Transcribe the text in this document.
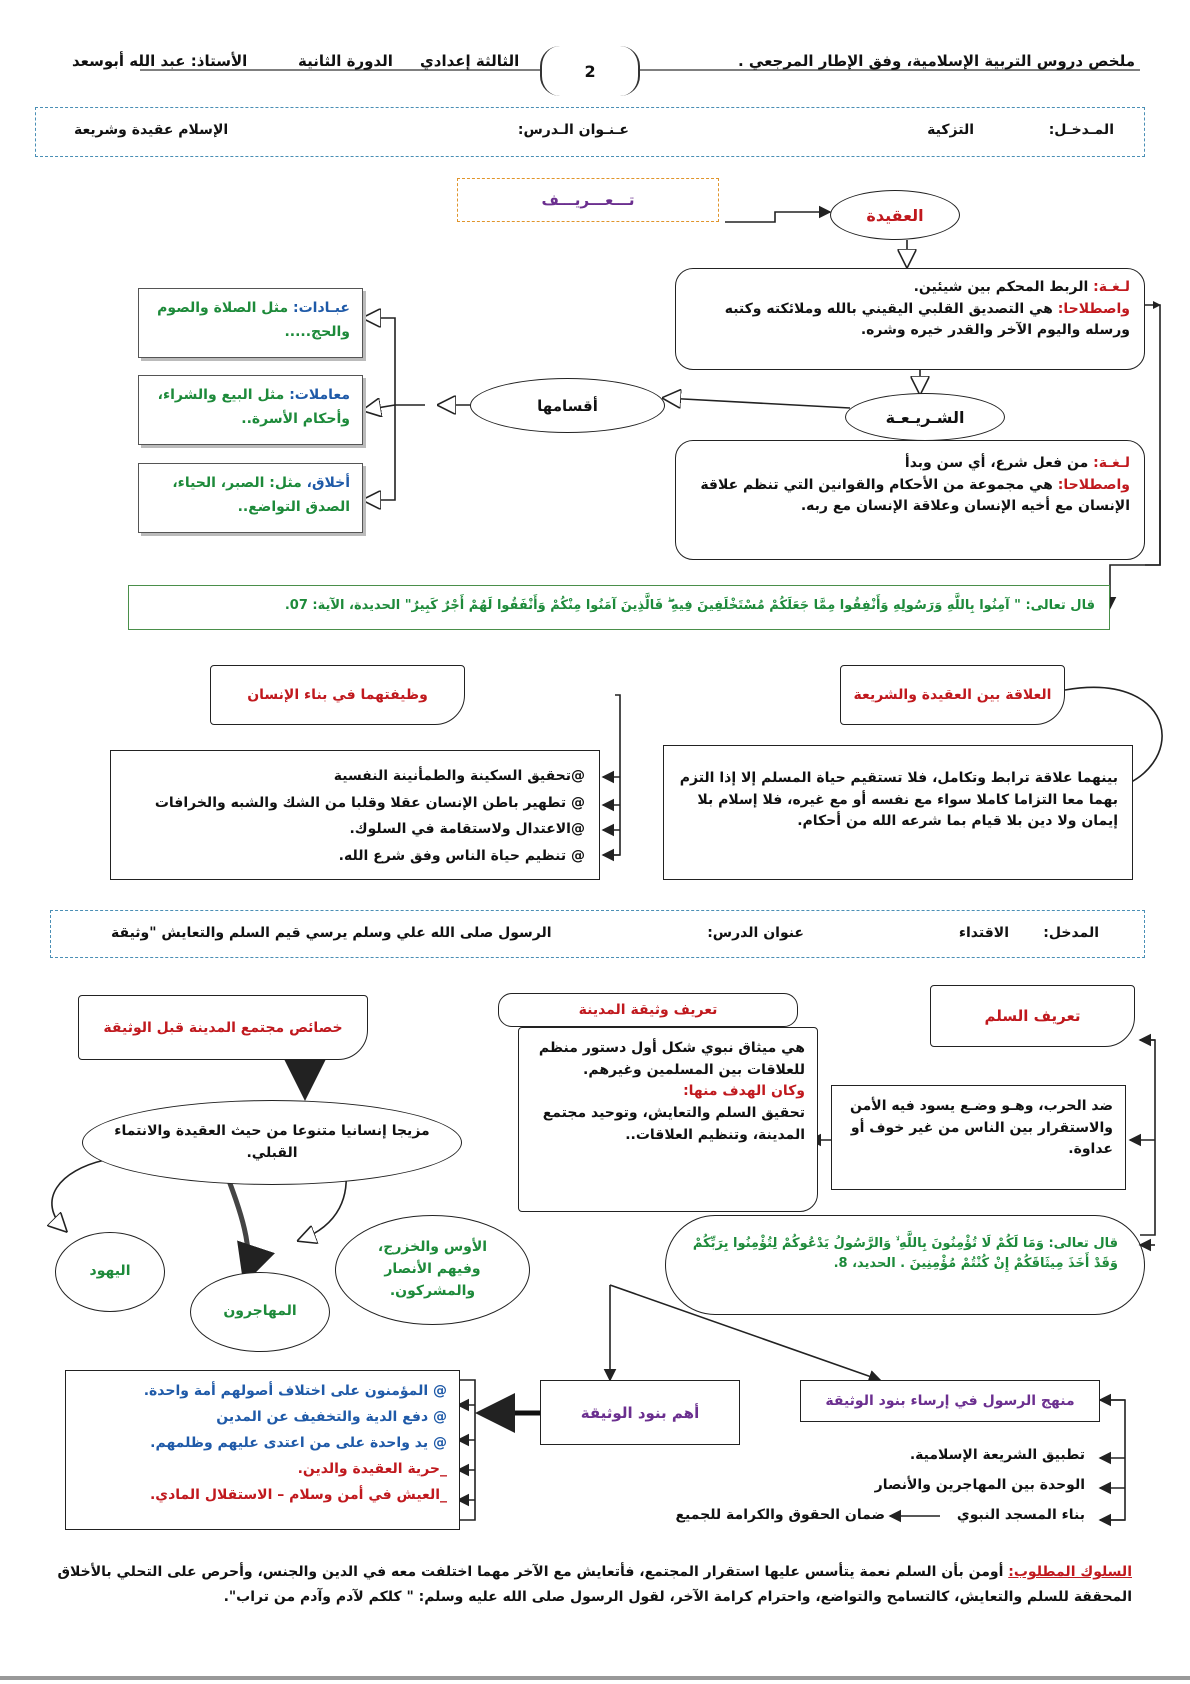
ملخص دروس التربية الإسلامية، وفق الإطار المرجعي .
2
الثالثة إعدادي
الدورة الثانية
الأستاذ: عبد الله أبوسعد
المـدخـل:
التزكية
عـنـوان الـدرس:
الإسلام عقيدة وشريعة
تـــعـــريـــف
العقيدة
لـغـة: الربط المحكم بين شيئين.
واصطلاحا: هي التصديق القلبي اليقيني بالله وملائكته وكتبه ورسله واليوم الآخر والقدر خيره وشره.
الشـريـعـة
لـغـة: من فعل شرع، أي سن وبدأ
واصطلاحا: هي مجموعة من الأحكام والقوانين التي تنظم علاقة الإنسان مع أخيه الإنسان وعلاقة الإنسان مع ربه.
أقسامها
عبـادات: مثل الصلاة والصوم والحج.....
معاملات: مثل البيع والشراء، وأحكام الأسرة..
أخلاق، مثل: الصبر، الحياء، الصدق التواضع..
قال تعالى: " آمِنُوا بِاللَّهِ وَرَسُولِهِ وَأَنْفِقُوا مِمَّا جَعَلَكُمْ مُسْتَخْلَفِينَ فِيهِ ۖ فَالَّذِينَ آمَنُوا مِنْكُمْ وَأَنْفَقُوا لَهُمْ أَجْرٌ كَبِيرٌ" الحديدة، الآية: 07.
العلاقة بين العقيدة والشريعة
بينهما علاقة ترابط وتكامل، فلا تستقيم حياة المسلم إلا إذا التزم بهما معا التزاما كاملا سواء مع نفسه أو مع غيره، فلا إسلام بلا إيمان ولا دين بلا قيام بما شرعه الله من أحكام.
وظيفتهما في بناء الإنسان
@تحقيق السكينة والطمأنينة النفسية
@ تطهير باطن الإنسان عقلا وقلبا من الشك والشبه والخرافات
@الاعتدال ولاستقامة في السلوك.
@ تنظيم حياة الناس وفق شرع الله.
المدخل:
الاقتداء
عنوان الدرس:
الرسول صلى الله علي وسلم يرسي قيم السلم والتعايش "وثيقة
تعريف السلم
ضد الحرب، وهـو وضـع يسود فيه الأمن والاستقرار بين الناس من غير خوف أو عداوة.
تعريف وثيقة المدينة
هي ميثاق نبوي شكل أول دستور منظم للعلاقات بين المسلمين وغيرهم.
وكان الهدف منها:
تحقيق السلم والتعايش، وتوحيد مجتمع المدينة، وتنظيم العلاقات..
خصائص مجتمع المدينة قبل الوثيقة
مزيجا إنسانيا متنوعا من حيث العقيدة والانتماء القبلي.
الأوس والخزرج، وفيهم الأنصار والمشركون.
المهاجرون
اليهود
قال تعالى: وَمَا لَكُمْ لَا تُؤْمِنُونَ بِاللَّهِ ۙ وَالرَّسُولُ يَدْعُوكُمْ لِتُؤْمِنُوا بِرَبِّكُمْ وَقَدْ أَخَذَ مِيثَاقَكُمْ إِنْ كُنْتُمْ مُؤْمِنِينَ . الحديد، 8.
منهج الرسول في إرساء بنود الوثيقة
تطبيق الشريعة الإسلامية.
الوحدة بين المهاجرين والأنصار
بناء المسجد النبوي
ضمان الحقوق والكرامة للجميع
أهم بنود الوثيقة
@ المؤمنون على اختلاف أصولهم أمة واحدة.
@ دفع الدية والتخفيف عن المدين
@ يد واحدة على من اعتدى عليهم وظلمهم.
_حرية العقيدة والدين.
_العيش في أمن وسلام – الاستقلال المادي.
السلوك المطلوب: أومن بأن السلم نعمة يتأسس عليها استقرار المجتمع، فأتعايش مع الآخر مهما اختلفت معه في الدين والجنس، وأحرص على التحلي بالأخلاق المحققة للسلم والتعايش، كالتسامح والتواضع، واحترام كرامة الآخر، لقول الرسول صلى الله عليه وسلم: " كلكم لآدم وآدم من تراب".
